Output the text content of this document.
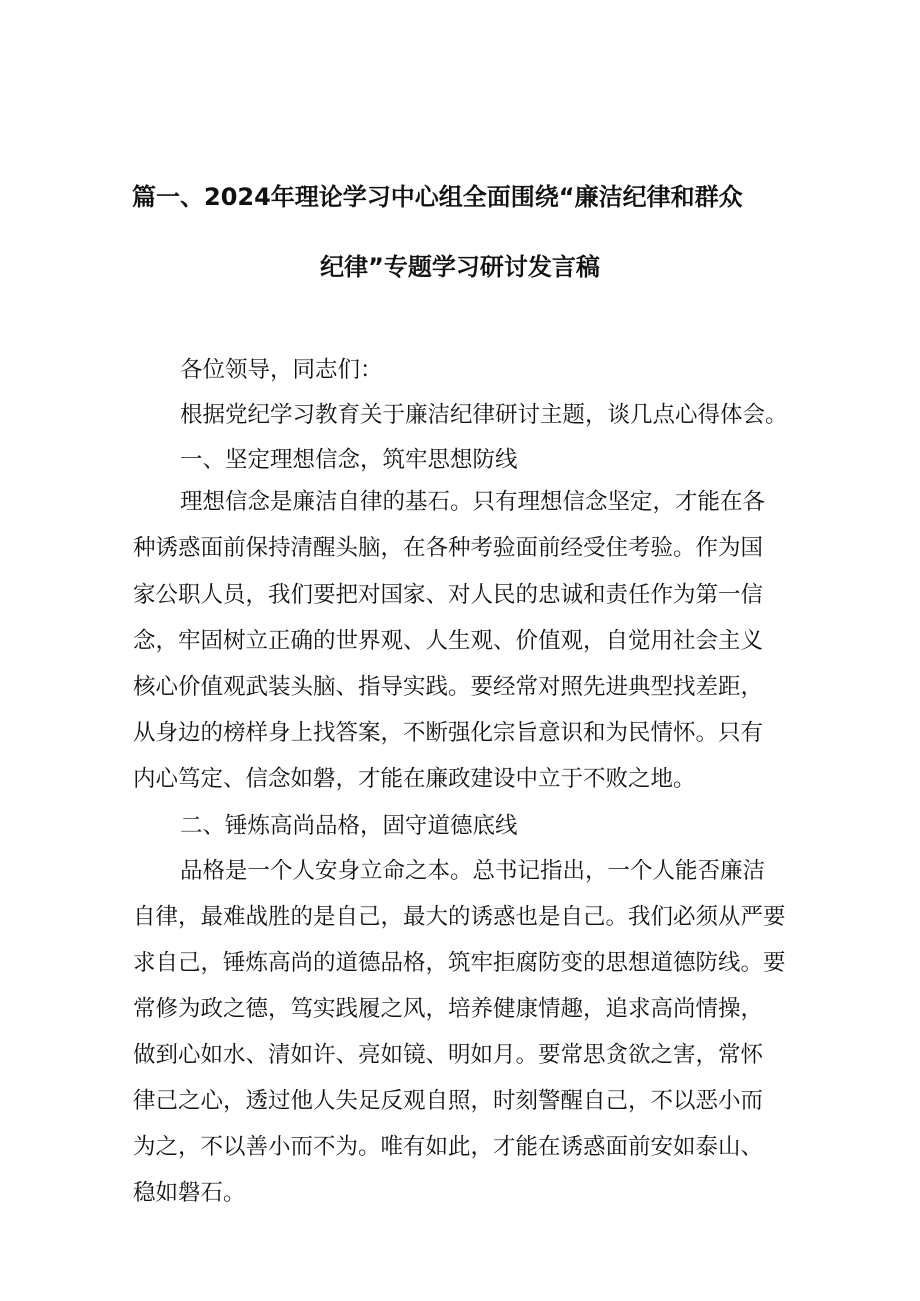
篇一、2024年理论学习中心组全面围绕“廉洁纪律和群众
纪律”专题学习研讨发言稿

各位领导，同志们：

根据党纪学习教育关于廉洁纪律研讨主题，谈几点心得体会。

一、坚定理想信念，筑牢思想防线

理想信念是廉洁自律的基石。只有理想信念坚定，才能在各

种诱惑面前保持清醒头脑，在各种考验面前经受住考验。作为国

家公职人员，我们要把对国家、对人民的忠诚和责任作为第一信

念，牢固树立正确的世界观、人生观、价值观，自觉用社会主义

核心价值观武装头脑、指导实践。要经常对照先进典型找差距，

从身边的榜样身上找答案，不断强化宗旨意识和为民情怀。只有

内心笃定、信念如磐，才能在廉政建设中立于不败之地。

二、锤炼高尚品格，固守道德底线

品格是一个人安身立命之本。总书记指出，一个人能否廉洁

自律，最难战胜的是自己，最大的诱惑也是自己。我们必须从严要

求自己，锤炼高尚的道德品格，筑牢拒腐防变的思想道德防线。要

常修为政之德，笃实践履之风，培养健康情趣，追求高尚情操，

做到心如水、清如许、亮如镜、明如月。要常思贪欲之害，常怀

律己之心，透过他人失足反观自照，时刻警醒自己，不以恶小而

为之，不以善小而不为。唯有如此，才能在诱惑面前安如泰山、

稳如磐石。
